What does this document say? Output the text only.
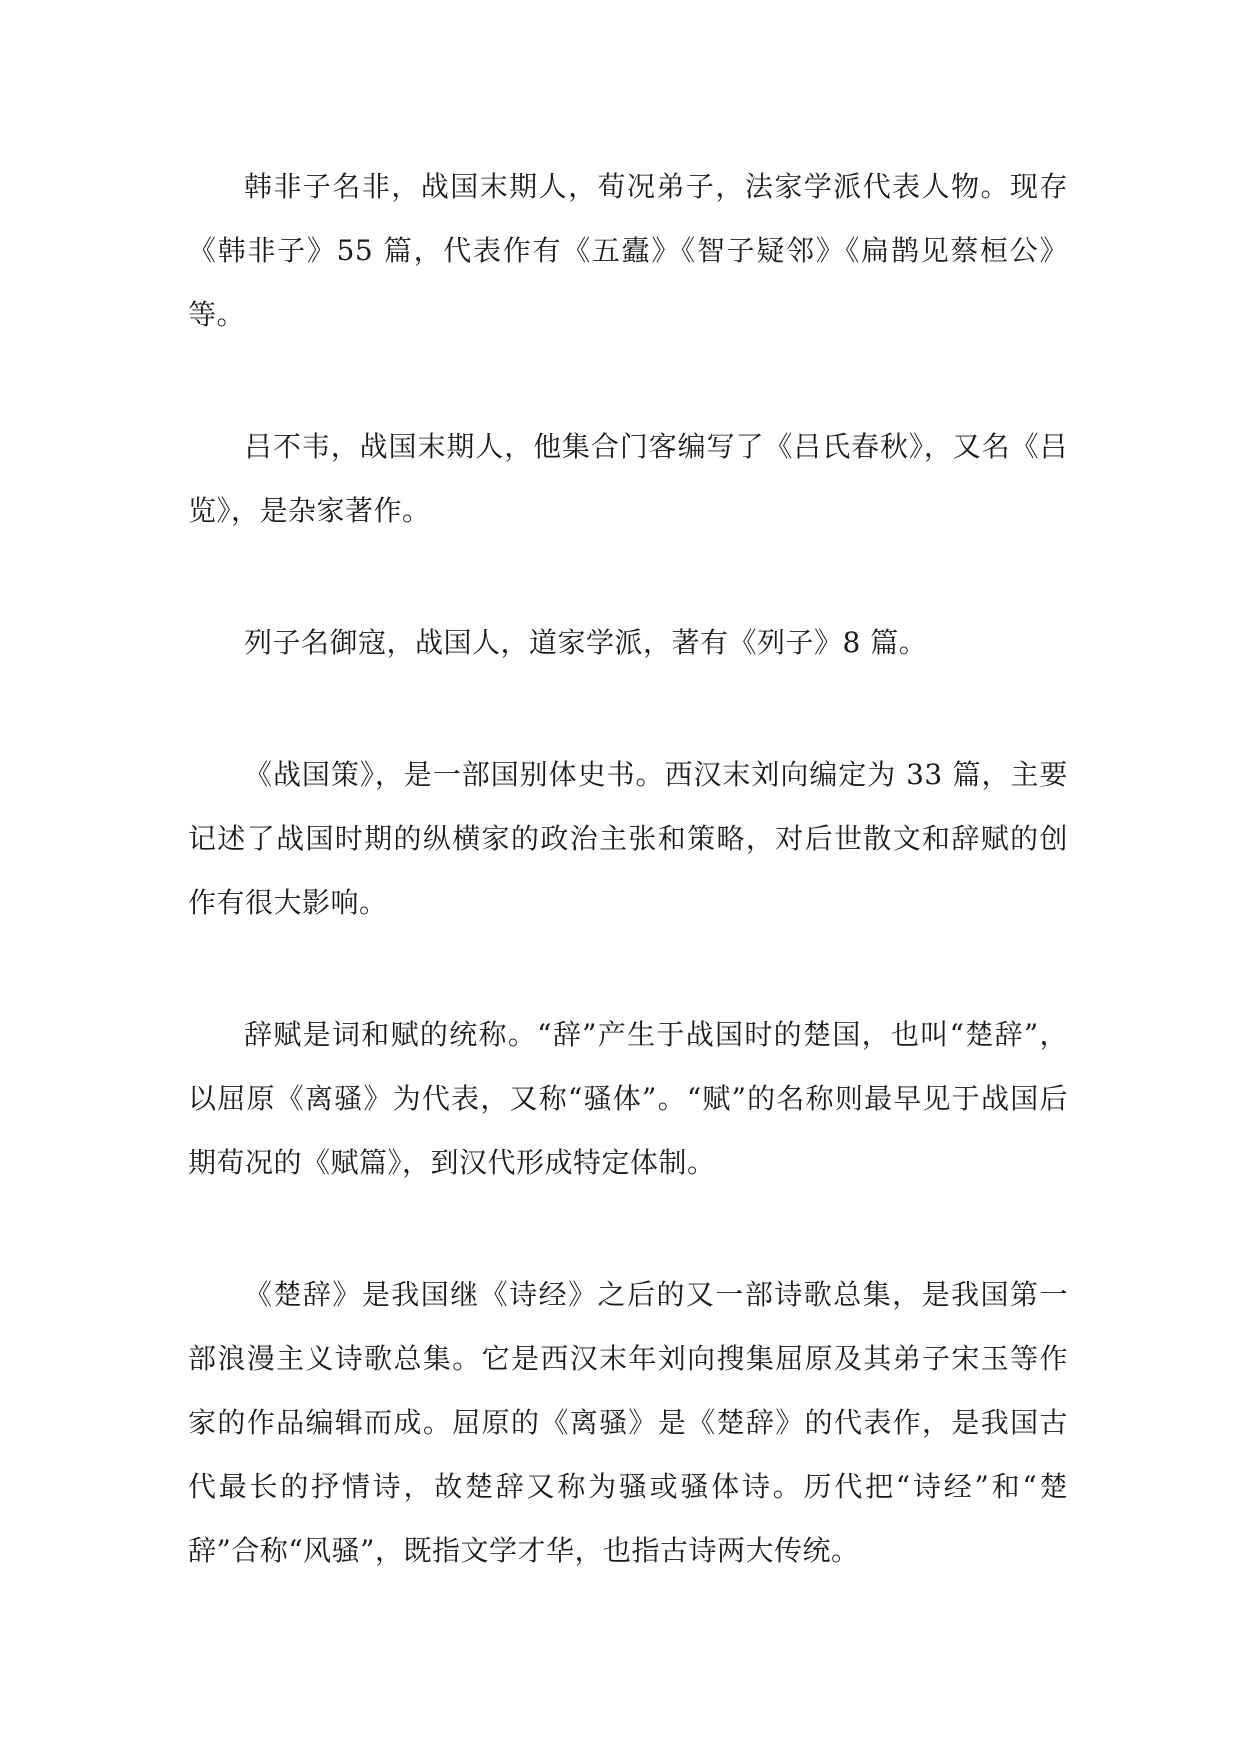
韩非子名非，战国末期人，荀况弟子，法家学派代表人物。现存《韩非子》55 篇，代表作有《五蠹》《智子疑邻》《扁鹊见蔡桓公》等。

吕不韦，战国末期人，他集合门客编写了《吕氏春秋》，又名《吕览》，是杂家著作。

列子名御寇，战国人，道家学派，著有《列子》8 篇。

《战国策》，是一部国别体史书。西汉末刘向编定为 33 篇，主要记述了战国时期的纵横家的政治主张和策略，对后世散文和辞赋的创作有很大影响。

辞赋是词和赋的统称。“辞”产生于战国时的楚国，也叫“楚辞”，以屈原《离骚》为代表，又称“骚体”。“赋”的名称则最早见于战国后期荀况的《赋篇》，到汉代形成特定体制。

《楚辞》是我国继《诗经》之后的又一部诗歌总集，是我国第一部浪漫主义诗歌总集。它是西汉末年刘向搜集屈原及其弟子宋玉等作家的作品编辑而成。屈原的《离骚》是《楚辞》的代表作，是我国古代最长的抒情诗，故楚辞又称为骚或骚体诗。历代把“诗经”和“楚辞”合称“风骚”，既指文学才华，也指古诗两大传统。
